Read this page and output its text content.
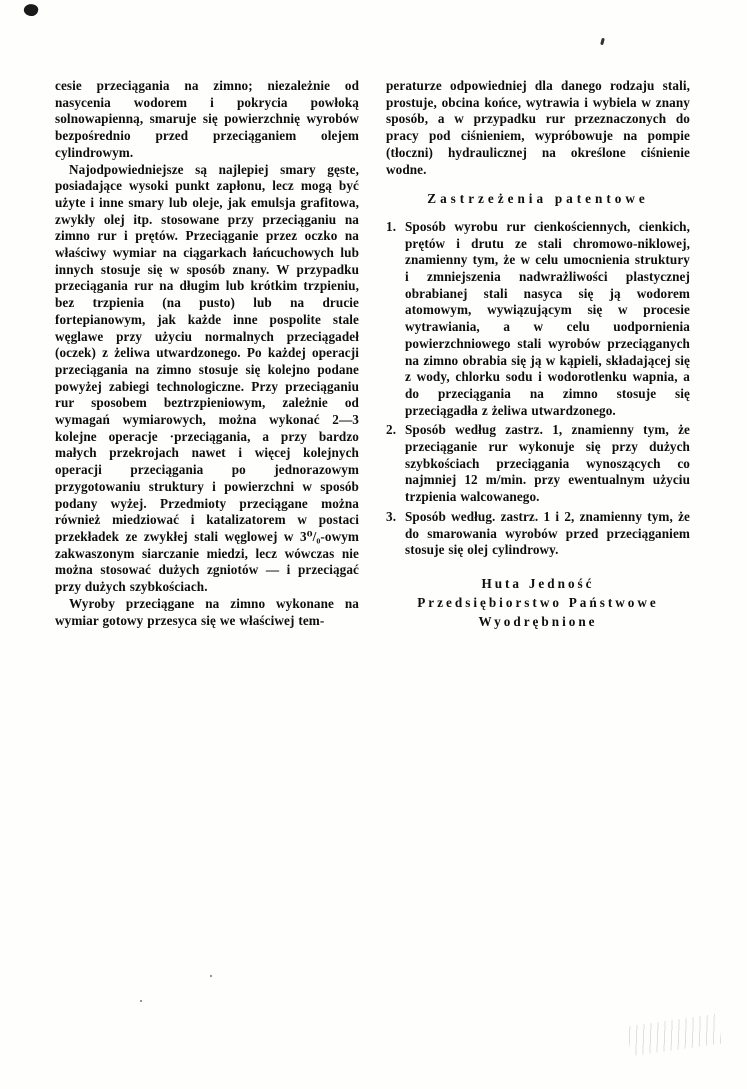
cesie przeciągania na zimno; niezależnie od nasycenia wodorem i pokrycia powłoką solnowapienną, smaruje się powierzchnię wyrobów bezpośrednio przed przeciąganiem olejem cylindrowym.

Najodpowiedniejsze są najlepiej smary gęste, posiadające wysoki punkt zapłonu, lecz mogą być użyte i inne smary lub oleje, jak emulsja grafitowa, zwykły olej itp. stosowane przy przeciąganiu na zimno rur i prętów. Przeciąganie przez oczko na właściwy wymiar na ciągarkach łańcuchowych lub innych stosuje się w sposób znany. W przypadku przeciągania rur na długim lub krótkim trzpieniu, bez trzpienia (na pusto) lub na drucie fortepianowym, jak każde inne pospolite stale węglawe przy użyciu normalnych przeciągadeł (oczek) z żeliwa utwardzonego. Po każdej operacji przeciągania na zimno stosuje się kolejno podane powyżej zabiegi technologiczne. Przy przeciąganiu rur sposobem beztrzpieniowym, zależnie od wymagań wymiarowych, można wykonać 2—3 kolejne operacje ·przeciągania, a przy bardzo małych przekrojach nawet i więcej kolejnych operacji przeciągania po jednorazowym przygotowaniu struktury i powierzchni w sposób podany wyżej. Przedmioty przeciągane można również miedziować i katalizatorem w postaci przekładek ze zwykłej stali węglowej w 3⁰/₀-owym zakwaszonym siarczanie miedzi, lecz wówczas nie można stosować dużych zgniotów — i przeciągać przy dużych szybkościach.

Wyroby przeciągane na zimno wykonane na wymiar gotowy przesyca się we właściwej tem-

peraturze odpowiedniej dla danego rodzaju stali, prostuje, obcina końce, wytrawia i wybiela w znany sposób, a w przypadku rur przeznaczonych do pracy pod ciśnieniem, wypróbowuje na pompie (tłoczni) hydraulicznej na określone ciśnienie wodne.

Zastrzeżenia patentowe
1. Sposób wyrobu rur cienkościennych, cienkich, prętów i drutu ze stali chromowo-niklowej, znamienny tym, że w celu umocnienia struktury i zmniejszenia nadwrażliwości plastycznej obrabianej stali nasyca się ją wodorem atomowym, wywiązującym się w procesie wytrawiania, a w celu uodpornienia powierzchniowego stali wyrobów przeciąganych na zimno obrabia się ją w kąpieli, składającej się z wody, chlorku sodu i wodorotlenku wapnia, a do przeciągania na zimno stosuje się przeciągadła z żeliwa utwardzonego.

2. Sposób według zastrz. 1, znamienny tym, że przeciąganie rur wykonuje się przy dużych szybkościach przeciągania wynoszących co najmniej 12 m/min. przy ewentualnym użyciu trzpienia walcowanego.

3. Sposób według. zastrz. 1 i 2, znamienny tym, że do smarowania wyrobów przed przeciąganiem stosuje się olej cylindrowy.

Huta Jedność
Przedsiębiorstwo Państwowe
Wyodrębnione
